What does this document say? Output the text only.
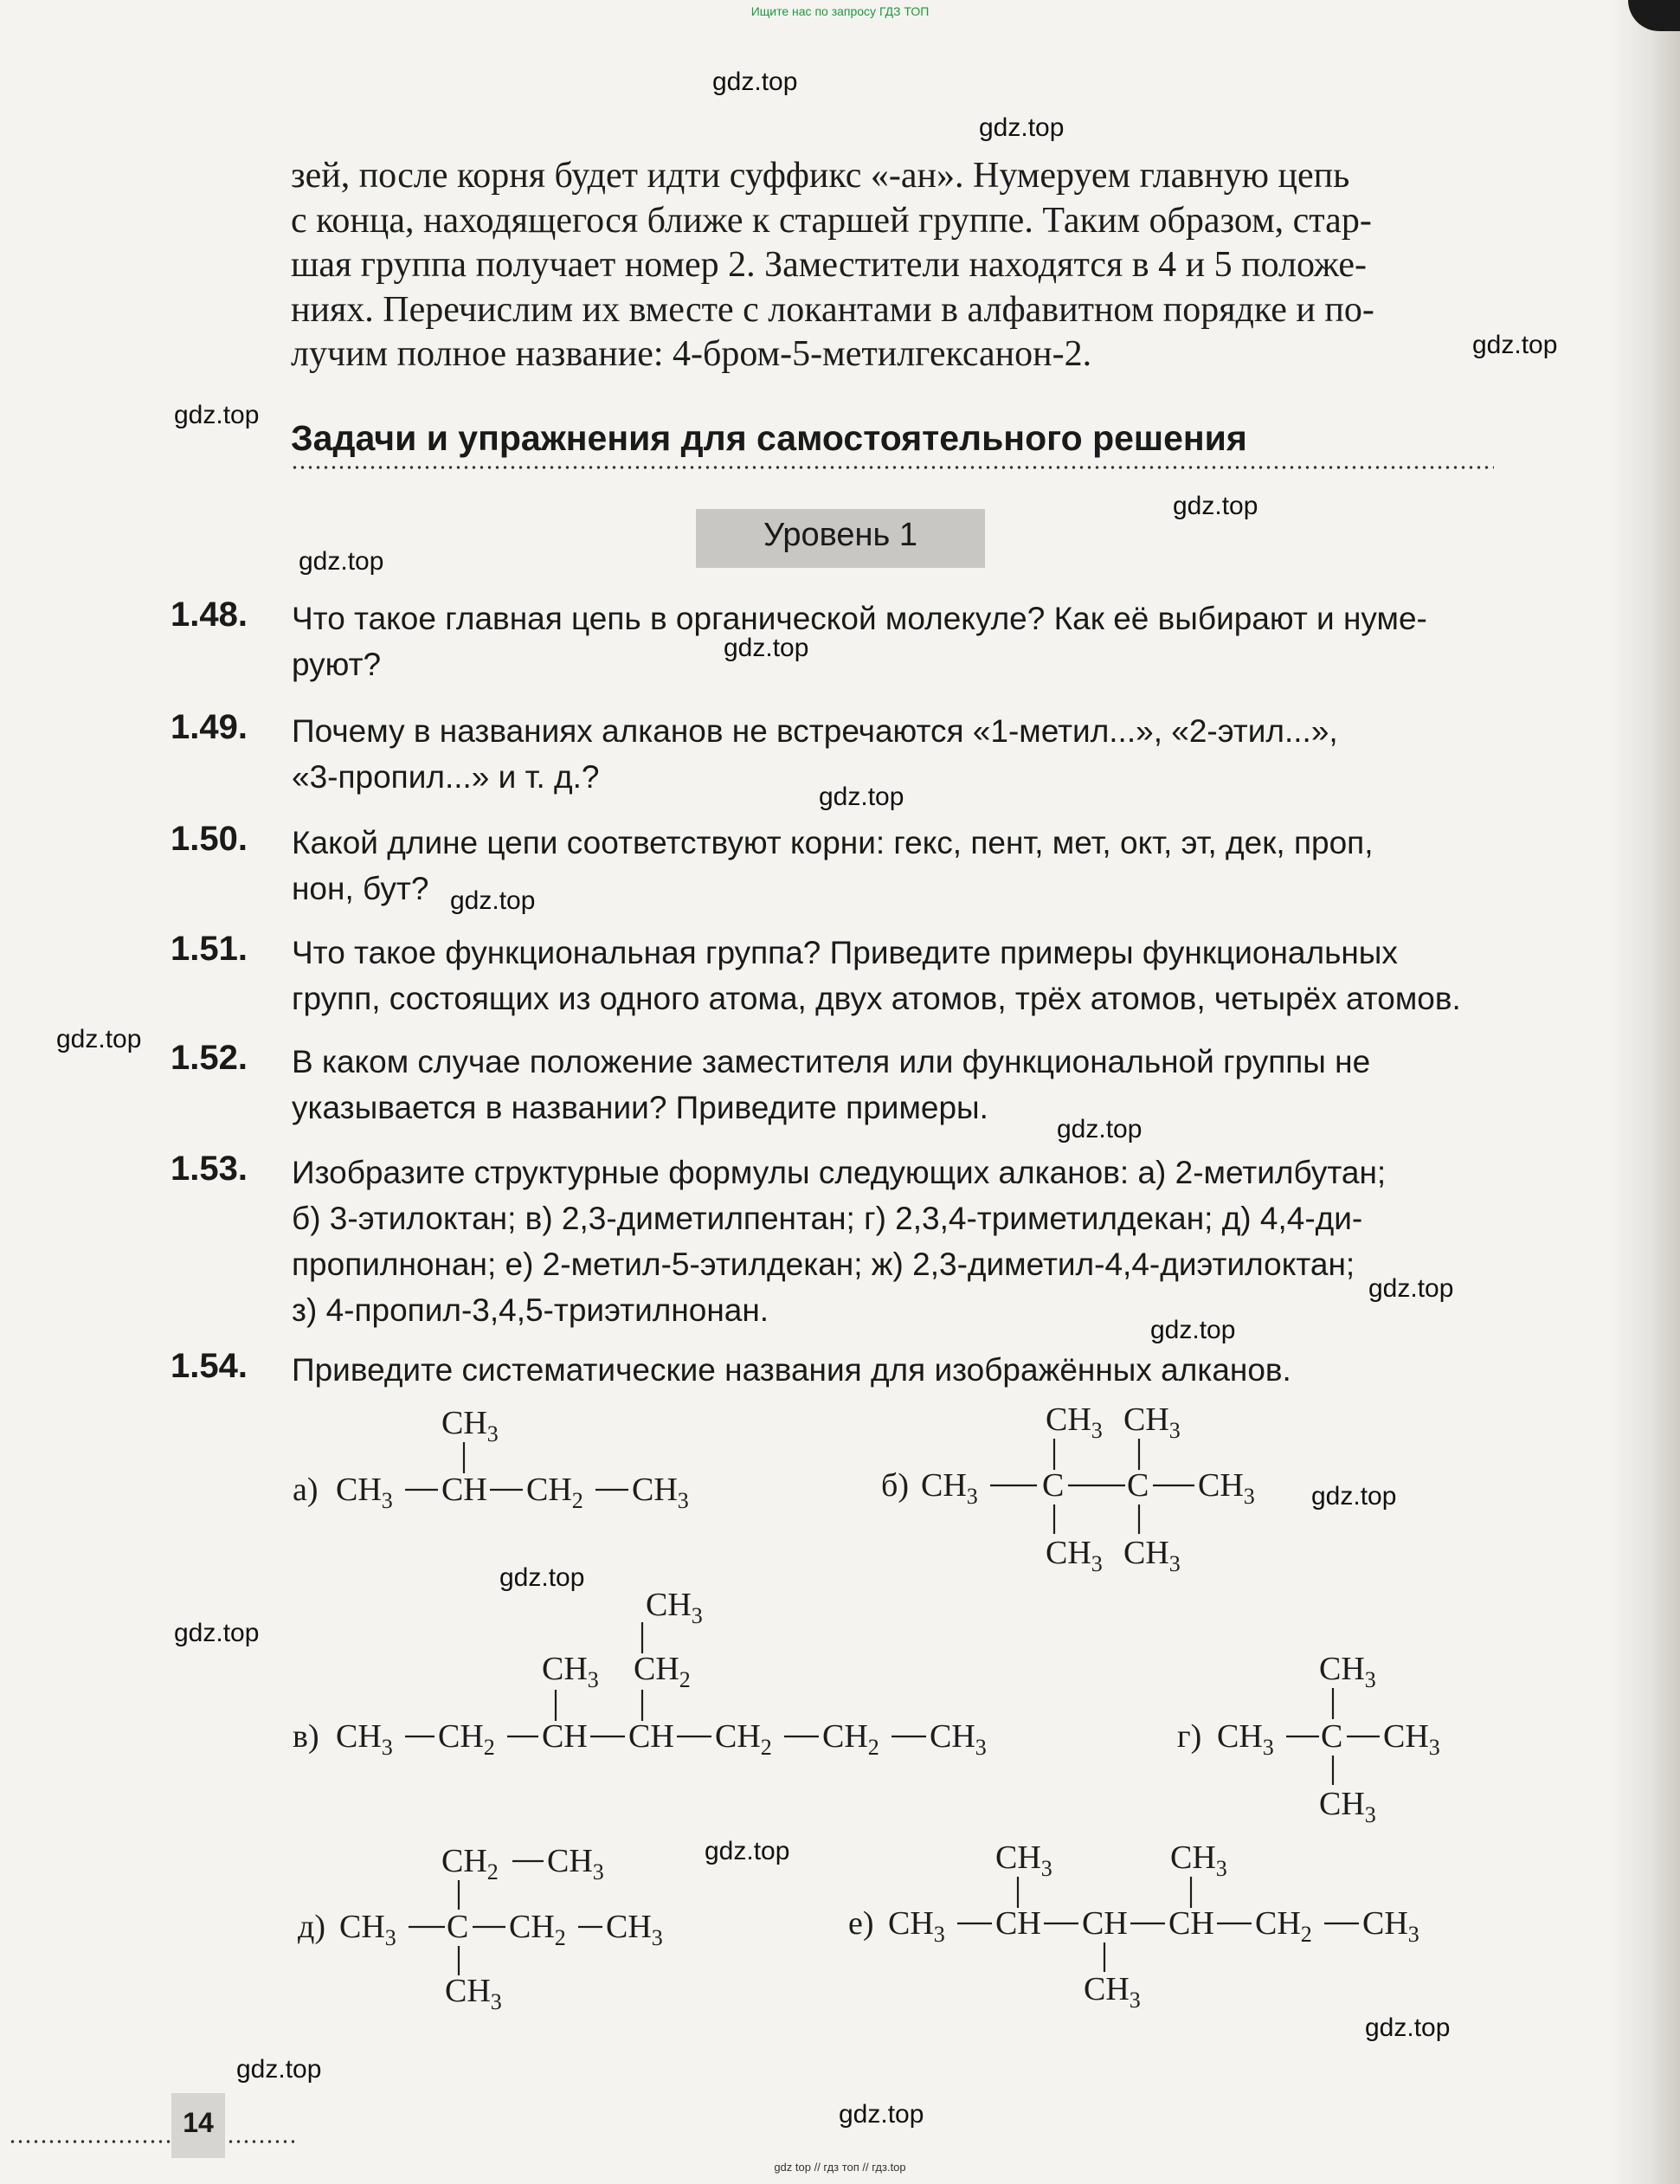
Ищите нас по запросу ГДЗ ТОП
gdz.top
gdz.top
gdz.top
gdz.top
gdz.top
gdz.top
gdz.top
gdz.top
gdz.top
gdz.top
gdz.top
gdz.top
gdz.top
gdz.top
gdz.top
gdz.top
gdz.top
gdz.top
gdz.top
gdz.top

зей, после корня будет идти суффикс «-ан». Нумеруем главную цепь

с конца, находящегося ближе к старшей группе. Таким образом, стар-

шая группа получает номер 2. Заместители находятся в 4 и 5 положе-

ниях. Перечислим их вместе с локантами в алфавитном порядке и по-

лучим полное название: 4-бром-5-метилгексанон-2.

Задачи и упражнения для самостоятельного решения
Уровень 1
1.48.	Что такое главная цепь в органической молекуле? Как её выбирают и нуме-
руют?
1.49.	Почему в названиях алканов не встречаются «1-метил...», «2-этил...»,
«3-пропил...» и т. д.?
1.50.	Какой длине цепи соответствуют корни: гекс, пент, мет, окт, эт, дек, проп,
нон, бут?
1.51.	Что такое функциональная группа? Приведите примеры функциональных
групп, состоящих из одного атома, двух атомов, трёх атомов, четырёх атомов.
1.52.	В каком случае положение заместителя или функциональной группы не
указывается в названии? Приведите примеры.
1.53.	Изобразите структурные формулы следующих алканов: а) 2-метилбутан;
б) 3-этилоктан; в) 2,3-диметилпентан; г) 2,3,4-триметилдекан; д) 4,4-ди-
пропилнонан; е) 2-метил-5-этилдекан; ж) 2,3-диметил-4,4-диэтилоктан;
з) 4-пропил-3,4,5-триэтилнонан.
1.54.	Приведите систематические названия для изображённых алканов.
а) $CH_3$ CH $CH_2$ $CH_3$
$CH_3$
б) $CH_3$ C C $CH_3$
$CH_3$ $CH_3$
$CH_3$ $CH_3$
в) $CH_3$ $CH_2$ CH CH $CH_2$ $CH_2$ $CH_3$
$CH_3$ $CH_2$
$CH_3$
г) $CH_3$ C $CH_3$
$CH_3$
$CH_3$
д) $CH_3$ C $CH_2$ $CH_3$
$CH_2$ $CH_3$
$CH_3$
е) $CH_3$ CH CH CH $CH_2$ $CH_3$
$CH_3$	$CH_3$
$CH_3$
14
gdz top // гдз топ // гдз.top
